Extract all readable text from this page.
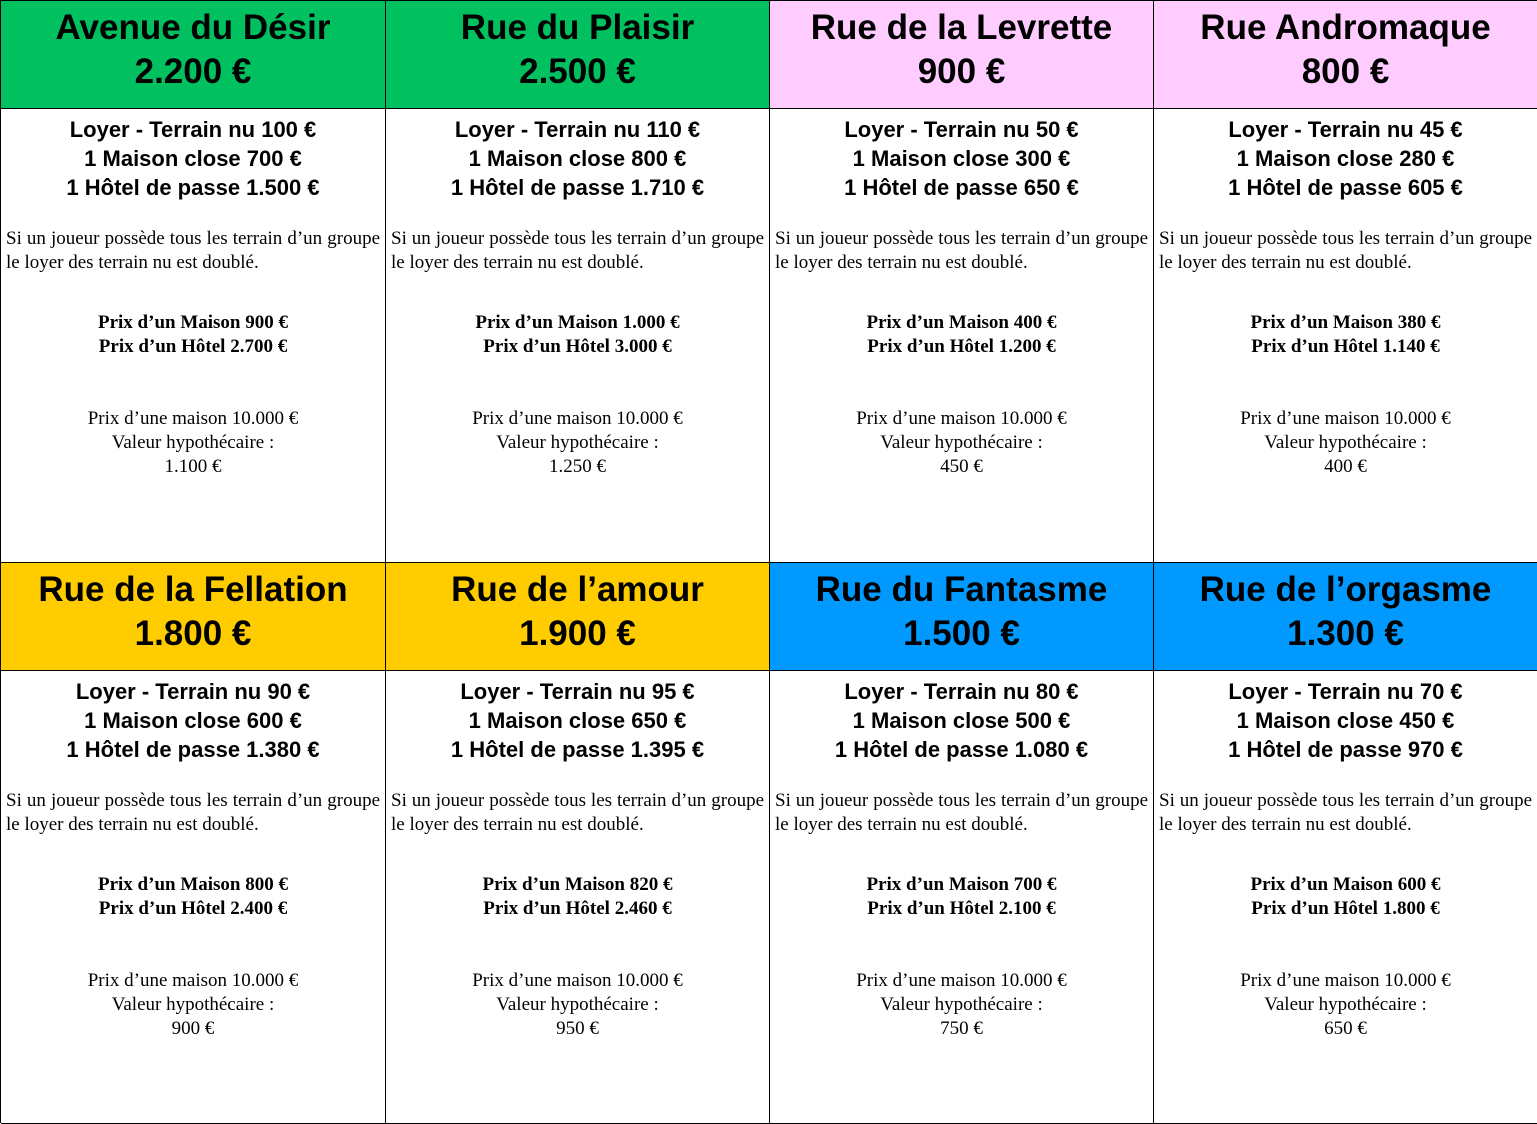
Avenue du Désir
2.200 €
Loyer - Terrain nu 100 €
1 Maison close 700 €
1 Hôtel de passe 1.500 €
Si un joueur possède tous les terrain d’un groupe le loyer des terrain nu est doublé.
Prix d’un Maison 900 €
Prix d’un Hôtel 2.700 €
Prix d’une maison 10.000 €
Valeur hypothécaire :
1.100 €
Rue du Plaisir
2.500 €
Loyer - Terrain nu 110 €
1 Maison close 800 €
1 Hôtel de passe 1.710 €
Si un joueur possède tous les terrain d’un groupe le loyer des terrain nu est doublé.
Prix d’un Maison 1.000 €
Prix d’un Hôtel 3.000 €
Prix d’une maison 10.000 €
Valeur hypothécaire :
1.250 €
Rue de la Levrette
900 €
Loyer - Terrain nu 50 €
1 Maison close 300 €
1 Hôtel de passe 650 €
Si un joueur possède tous les terrain d’un groupe le loyer des terrain nu est doublé.
Prix d’un Maison 400 €
Prix d’un Hôtel 1.200 €
Prix d’une maison 10.000 €
Valeur hypothécaire :
450 €
Rue Andromaque
800 €
Loyer - Terrain nu 45 €
1 Maison close 280 €
1 Hôtel de passe 605 €
Si un joueur possède tous les terrain d’un groupe le loyer des terrain nu est doublé.
Prix d’un Maison 380 €
Prix d’un Hôtel 1.140 €
Prix d’une maison 10.000 €
Valeur hypothécaire :
400 €
Rue de la Fellation
1.800 €
Loyer - Terrain nu 90 €
1 Maison close 600 €
1 Hôtel de passe 1.380 €
Si un joueur possède tous les terrain d’un groupe le loyer des terrain nu est doublé.
Prix d’un Maison 800 €
Prix d’un Hôtel 2.400 €
Prix d’une maison 10.000 €
Valeur hypothécaire :
900 €
Rue de l’amour
1.900 €
Loyer - Terrain nu 95 €
1 Maison close 650 €
1 Hôtel de passe 1.395 €
Si un joueur possède tous les terrain d’un groupe le loyer des terrain nu est doublé.
Prix d’un Maison 820 €
Prix d’un Hôtel 2.460 €
Prix d’une maison 10.000 €
Valeur hypothécaire :
950 €
Rue du Fantasme
1.500 €
Loyer - Terrain nu 80 €
1 Maison close 500 €
1 Hôtel de passe 1.080 €
Si un joueur possède tous les terrain d’un groupe le loyer des terrain nu est doublé.
Prix d’un Maison 700 €
Prix d’un Hôtel 2.100 €
Prix d’une maison 10.000 €
Valeur hypothécaire :
750 €
Rue de l’orgasme
1.300 €
Loyer - Terrain nu 70 €
1 Maison close 450 €
1 Hôtel de passe 970 €
Si un joueur possède tous les terrain d’un groupe le loyer des terrain nu est doublé.
Prix d’un Maison 600 €
Prix d’un Hôtel 1.800 €
Prix d’une maison 10.000 €
Valeur hypothécaire :
650 €
